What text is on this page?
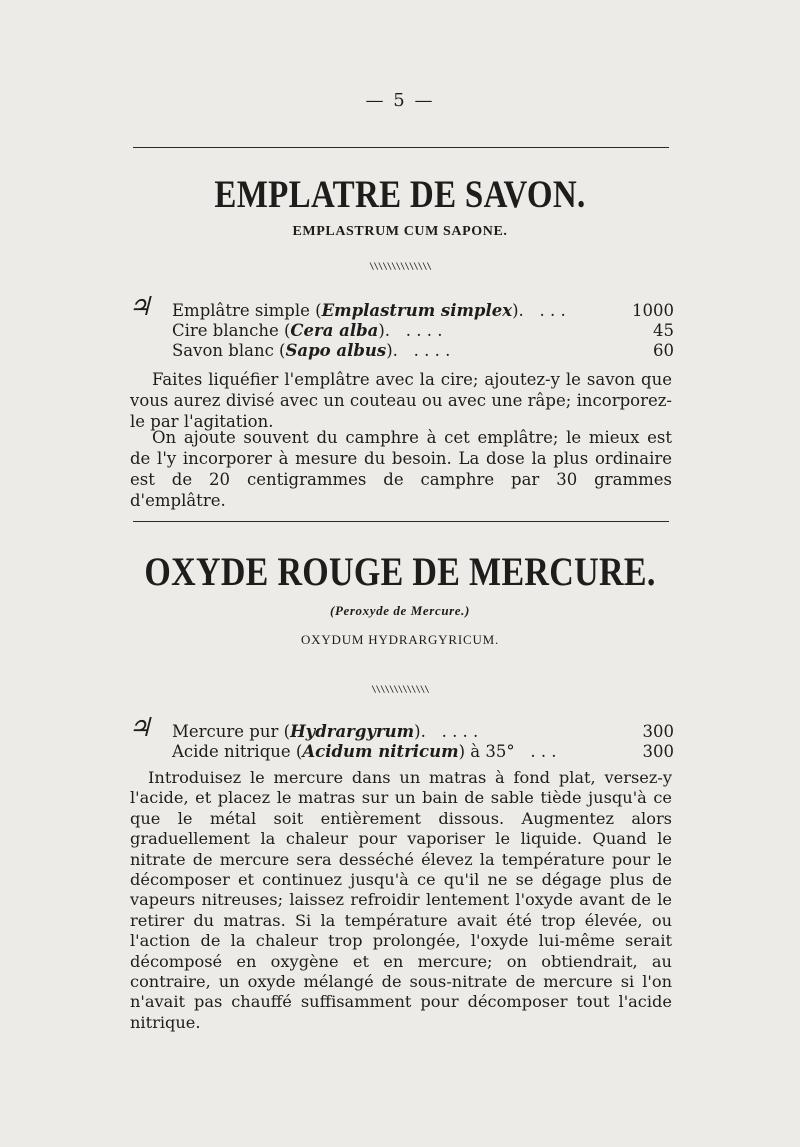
— 5 —
EMPLATRE DE SAVON.
EMPLASTRUM CUM SAPONE.
\\\\\\\\\\\\\\
♃ Emplâtre simple (Emplastrum simplex).   . . .	1000
Cire blanche (Cera alba).   . . . .	45
Savon blanc (Sapo albus).   . . . .	60
Faites liquéfier l'emplâtre avec la cire; ajoutez-y le savon que vous aurez divisé avec un couteau ou avec une râpe; incorporez-le par l'agitation.
On ajoute souvent du camphre à cet emplâtre; le mieux est de l'y incorporer à mesure du besoin. La dose la plus ordinaire est de 20 centigrammes de camphre par 30 grammes d'emplâtre.
OXYDE ROUGE DE MERCURE.
(Peroxyde de Mercure.)
OXYDUM HYDRARGYRICUM.
\\\\\\\\\\\\\
♃ Mercure pur (Hydrargyrum).   . . . .	300
Acide nitrique (Acidum nitricum) à 35° . . .	300
Introduisez le mercure dans un matras à fond plat, versez-y l'acide, et placez le matras sur un bain de sable tiède jusqu'à ce que le métal soit entièrement dissous. Augmentez alors graduellement la chaleur pour vaporiser le liquide. Quand le nitrate de mercure sera desséché élevez la température pour le décomposer et continuez jusqu'à ce qu'il ne se dégage plus de vapeurs nitreuses; laissez refroidir lentement l'oxyde avant de le retirer du matras. Si la température avait été trop élevée, ou l'action de la chaleur trop prolongée, l'oxyde lui-même serait décomposé en oxygène et en mercure; on obtiendrait, au contraire, un oxyde mélangé de sous-nitrate de mercure si l'on n'avait pas chauffé suffisamment pour décomposer tout l'acide nitrique.
